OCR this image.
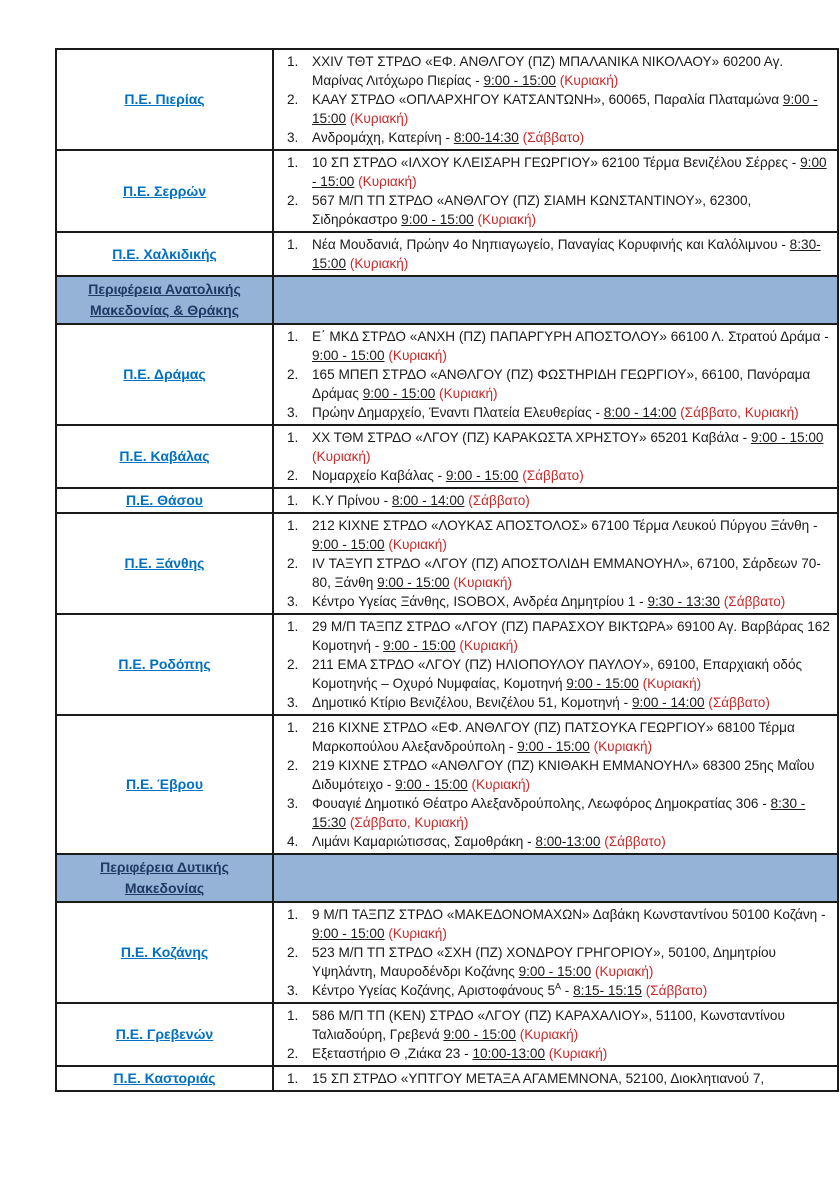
Π.Ε. Πιερίας	
1.	XXIV ΤΘΤ ΣΤΡΔΟ «ΕΦ. ΑΝΘΛΓΟΥ (ΠΖ) ΜΠΑΛΑΝΙΚΑ ΝΙΚΟΛΑΟΥ» 60200 Αγ. Μαρίνας Λιτόχωρο Πιερίας - 9:00 - 15:00 (Κυριακή)
2.	ΚΑΑΥ ΣΤΡΔΟ «ΟΠΛΑΡΧΗΓΟΥ ΚΑΤΣΑΝΤΩΝΗ», 60065, Παραλία Πλαταμώνα 9:00 - 15:00 (Κυριακή)
3.	Ανδρομάχη, Κατερίνη - 8:00-14:30 (Σάββατο)

Π.Ε. Σερρών	1. 10 ΣΠ ΣΤΡΔΟ «ΙΛΧΟΥ ΚΛΕΙΣΑΡΗ ΓΕΩΡΓΙΟΥ» 62100 Τέρμα Βενιζέλου Σέρρες - 9:00 - 15:00 (Κυριακή)
2. 567 Μ/Π ΤΠ ΣΤΡΔΟ «ΑΝΘΛΓΟΥ (ΠΖ) ΣΙΑΜΗ ΚΩΝΣΤΑΝΤΙΝΟΥ», 62300, Σιδηρόκαστρο 9:00 - 15:00 (Κυριακή)

Π.Ε. Χαλκιδικής	1. Νέα Μουδανιά, Πρώην 4ο Νηπιαγωγείο, Παναγίας Κορυφινής και Καλόλιμνου - 8:30-15:00 (Κυριακή)

Περιφέρεια Ανατολικής Μακεδονίας & Θράκης	

Π.Ε. Δράμας	
1.	Ε΄ ΜΚΔ ΣΤΡΔΟ «ΑΝΧΗ (ΠΖ) ΠΑΠΑΡΓΥΡΗ ΑΠΟΣΤΟΛΟΥ» 66100 Λ. Στρατού Δράμα - 9:00 - 15:00 (Κυριακή)
2.	165 ΜΠΕΠ ΣΤΡΔΟ «ΑΝΘΛΓΟΥ (ΠΖ) ΦΩΣΤΗΡΙΔΗ ΓΕΩΡΓΙΟΥ», 66100, Πανόραμα Δράμας 9:00 - 15:00 (Κυριακή)
3.	Πρώην Δημαρχείο, Έναντι Πλατεία Ελευθερίας - 8:00 - 14:00 (Σάββατο, Κυριακή)

Π.Ε. Καβάλας	1. ΧΧ ΤΘΜ ΣΤΡΔΟ «ΛΓΟΥ (ΠΖ) ΚΑΡΑΚΩΣΤΑ ΧΡΗΣΤΟΥ» 65201 Καβάλα - 9:00 - 15:00 (Κυριακή)
2. Νομαρχείο Καβάλας - 9:00 - 15:00 (Σάββατο)

Π.Ε. Θάσου	1. Κ.Υ Πρίνου - 8:00 - 14:00 (Σάββατο)

Π.Ε. Ξάνθης	
1.	212 ΚΙΧΝΕ ΣΤΡΔΟ «ΛΟΥΚΑΣ ΑΠΟΣΤΟΛΟΣ» 67100 Τέρμα Λευκού Πύργου Ξάνθη - 9:00 - 15:00 (Κυριακή)
2.	IV ΤΑΞΥΠ ΣΤΡΔΟ «ΛΓΟΥ (ΠΖ) ΑΠΟΣΤΟΛΙΔΗ ΕΜΜΑΝΟΥΗΛ», 67100, Σάρδεων 70-80, Ξάνθη 9:00 - 15:00 (Κυριακή)
3.	Κέντρο Υγείας Ξάνθης, ISOBOX, Ανδρέα Δημητρίου 1 - 9:30 - 13:30 (Σάββατο)

Π.Ε. Ροδόπης	
1.	29 Μ/Π ΤΑΞΠΖ ΣΤΡΔΟ «ΛΓΟΥ (ΠΖ) ΠΑΡΑΣΧΟΥ ΒΙΚΤΩΡΑ» 69100 Αγ. Βαρβάρας 162 Κομοτηνή - 9:00 - 15:00 (Κυριακή)
2.	211 ΕΜΑ ΣΤΡΔΟ «ΛΓΟΥ (ΠΖ) ΗΛΙΟΠΟΥΛΟΥ ΠΑΥΛΟΥ», 69100, Επαρχιακή οδός Κομοτηνής – Οχυρό Νυμφαίας, Κομοτηνή 9:00 - 15:00 (Κυριακή)
3.	Δημοτικό Κτίριο Βενιζέλου, Βενιζέλου 51, Κομοτηνή - 9:00 - 14:00 (Σάββατο)

Π.Ε. Έβρου	
1.	216 ΚΙΧΝΕ ΣΤΡΔΟ «ΕΦ. ΑΝΘΛΓΟΥ (ΠΖ) ΠΑΤΣΟΥΚΑ ΓΕΩΡΓΙΟΥ» 68100 Τέρμα Μαρκοπούλου Αλεξανδρούπολη - 9:00 - 15:00 (Κυριακή)
2.	219 ΚΙΧΝΕ ΣΤΡΔΟ «ΑΝΘΛΓΟΥ (ΠΖ) ΚΝΙΘΑΚΗ ΕΜΜΑΝΟΥΗΛ» 68300 25ης Μαΐου Διδυμότειχο - 9:00 - 15:00 (Κυριακή)
3.	Φουαγιέ Δημοτικό Θέατρο Αλεξανδρούπολης, Λεωφόρος Δημοκρατίας 306 - 8:30 - 15:30 (Σάββατο, Κυριακή)
4.	Λιμάνι Καμαριώτισσας, Σαμοθράκη - 8:00-13:00 (Σάββατο)

Περιφέρεια Δυτικής Μακεδονίας	

Π.Ε. Κοζάνης	
1.	9 Μ/Π ΤΑΞΠΖ ΣΤΡΔΟ «ΜΑΚΕΔΟΝΟΜΑΧΩΝ» Δαβάκη Κωνσταντίνου 50100 Κοζάνη - 9:00 - 15:00 (Κυριακή)
2.	523 Μ/Π ΤΠ ΣΤΡΔΟ «ΣΧΗ (ΠΖ) ΧΟΝΔΡΟΥ ΓΡΗΓΟΡΙΟΥ», 50100, Δημητρίου Υψηλάντη, Μαυροδένδρι Κοζάνης 9:00 - 15:00 (Κυριακή)
3.	Κέντρο Υγείας Κοζάνης, Αριστοφάνους $5^A$ - 8:15- 15:15 (Σάββατο)

Π.Ε. Γρεβενών	1. 586 Μ/Π ΤΠ (ΚΕΝ) ΣΤΡΔΟ «ΛΓΟΥ (ΠΖ) ΚΑΡΑΧΑΛΙΟΥ», 51100, Κωνσταντίνου Ταλιαδούρη, Γρεβενά 9:00 - 15:00 (Κυριακή)
2. Εξεταστήριο Θ ,Ζιάκα 23 - 10:00-13:00 (Κυριακή)

Π.Ε. Καστοριάς	1. 15 ΣΠ ΣΤΡΔΟ «ΥΠΤΓΟΥ ΜΕΤΑΞΑ ΑΓΑΜΕΜΝΟΝΑ, 52100, Διοκλητιανού 7,
